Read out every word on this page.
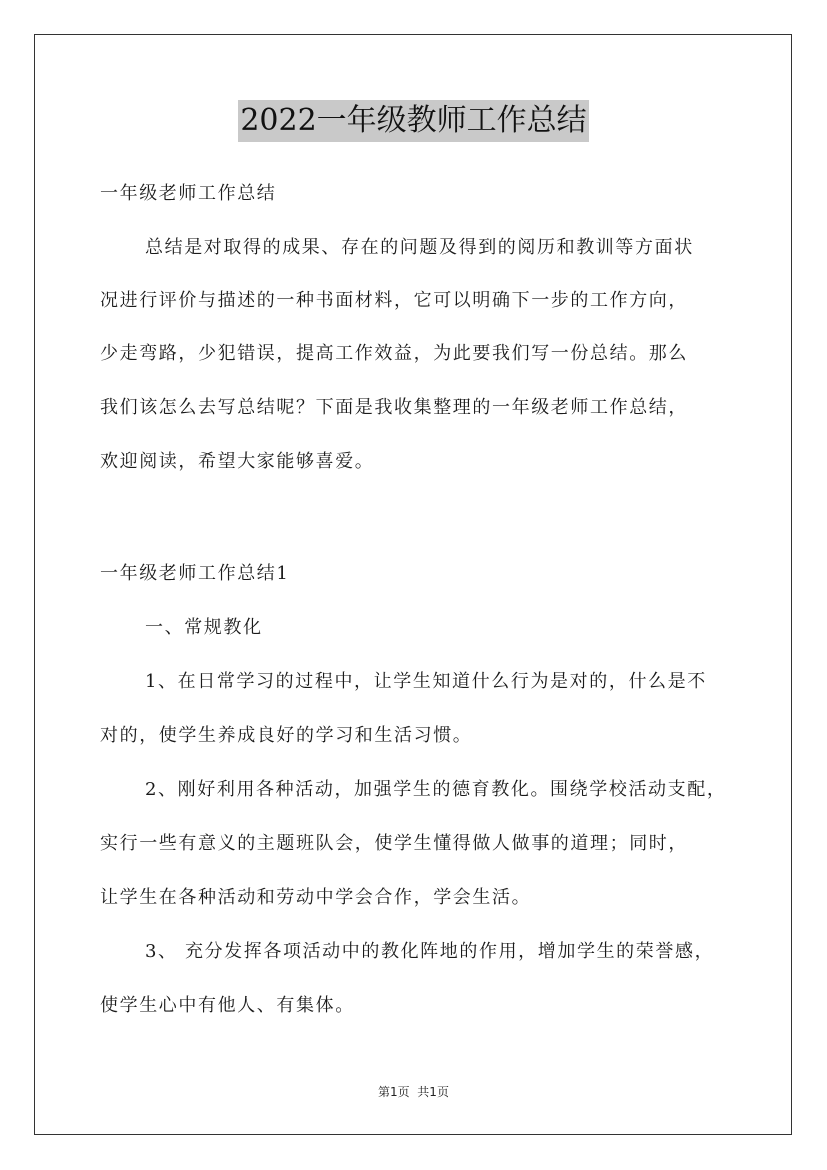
2022一年级教师工作总结
一年级老师工作总结
总结是对取得的成果、存在的问题及得到的阅历和教训等方面状
况进行评价与描述的一种书面材料，它可以明确下一步的工作方向，
少走弯路，少犯错误，提高工作效益，为此要我们写一份总结。那么
我们该怎么去写总结呢？下面是我收集整理的一年级老师工作总结，
欢迎阅读，希望大家能够喜爱。
一年级老师工作总结1
一、常规教化
1、在日常学习的过程中，让学生知道什么行为是对的，什么是不
对的，使学生养成良好的学习和生活习惯。
2、刚好利用各种活动，加强学生的德育教化。围绕学校活动支配，
实行一些有意义的主题班队会，使学生懂得做人做事的道理；同时，
让学生在各种活动和劳动中学会合作，学会生活。
3、 充分发挥各项活动中的教化阵地的作用，增加学生的荣誉感，
使学生心中有他人、有集体。
第1页  共1页
